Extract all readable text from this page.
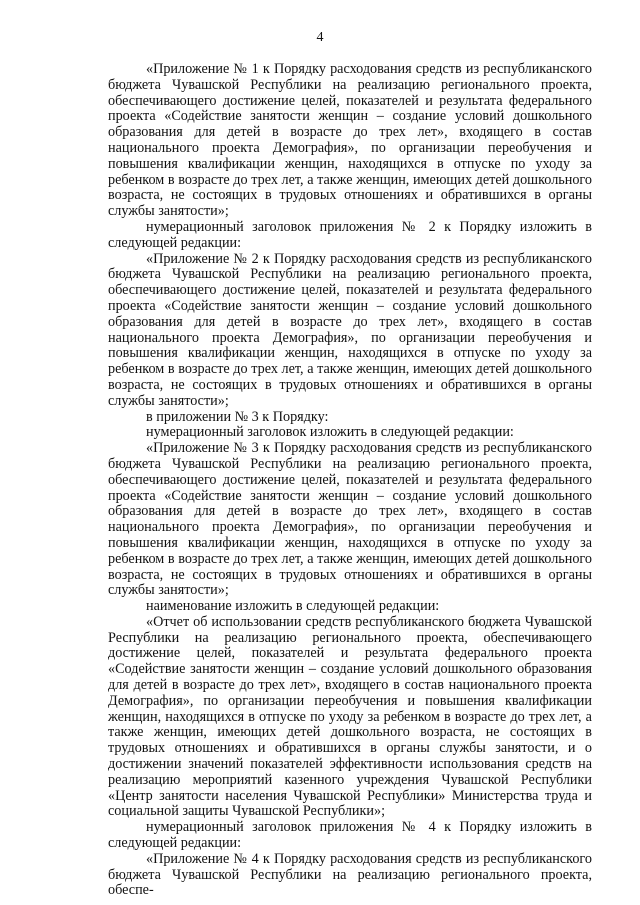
4

«Приложение № 1 к Порядку расходования средств из республиканского бюджета Чувашской Республики на реализацию регионального проекта, обеспечивающего достижение целей, показателей и результата федерального проекта «Содействие занятости женщин – создание условий дошкольного образования для детей в возрасте до трех лет», входящего в состав национального проекта Демография», по организации переобучения и повышения квалификации женщин, находящихся в отпуске по уходу за ребенком в возрасте до трех лет, а также женщин, имеющих детей дошкольного возраста, не состоящих в трудовых отношениях и обратившихся в органы службы занятости»;

нумерационный заголовок приложения № 2 к Порядку изложить в следующей редакции:

«Приложение № 2 к Порядку расходования средств из республиканского бюджета Чувашской Республики на реализацию регионального проекта, обеспечивающего достижение целей, показателей и результата федерального проекта «Содействие занятости женщин – создание условий дошкольного образования для детей в возрасте до трех лет», входящего в состав национального проекта Демография», по организации переобучения и повышения квалификации женщин, находящихся в отпуске по уходу за ребенком в возрасте до трех лет, а также женщин, имеющих детей дошкольного возраста, не состоящих в трудовых отношениях и обратившихся в органы службы занятости»;

в приложении № 3 к Порядку:

нумерационный заголовок изложить в следующей редакции:

«Приложение № 3 к Порядку расходования средств из республиканского бюджета Чувашской Республики на реализацию регионального проекта, обеспечивающего достижение целей, показателей и результата федерального проекта «Содействие занятости женщин – создание условий дошкольного образования для детей в возрасте до трех лет», входящего в состав национального проекта Демография», по организации переобучения и повышения квалификации женщин, находящихся в отпуске по уходу за ребенком в возрасте до трех лет, а также женщин, имеющих детей дошкольного возраста, не состоящих в трудовых отношениях и обратившихся в органы службы занятости»;

наименование изложить в следующей редакции:

«Отчет об использовании средств республиканского бюджета Чувашской Республики на реализацию регионального проекта, обеспечивающего достижение целей, показателей и результата федерального проекта «Содействие занятости женщин – создание условий дошкольного образования для детей в возрасте до трех лет», входящего в состав национального проекта Демография», по организации переобучения и повышения квалификации женщин, находящихся в отпуске по уходу за ребенком в возрасте до трех лет, а также женщин, имеющих детей дошкольного возраста, не состоящих в трудовых отношениях и обратившихся в органы службы занятости, и о достижении значений показателей эффективности использования средств на реализацию мероприятий казенного учреждения Чувашской Республики «Центр занятости населения Чувашской Республики» Министерства труда и социальной защиты Чувашской Республики»;

нумерационный заголовок приложения № 4 к Порядку изложить в следующей редакции:

«Приложение № 4 к Порядку расходования средств из республиканского бюджета Чувашской Республики на реализацию регионального проекта, обеспе-
